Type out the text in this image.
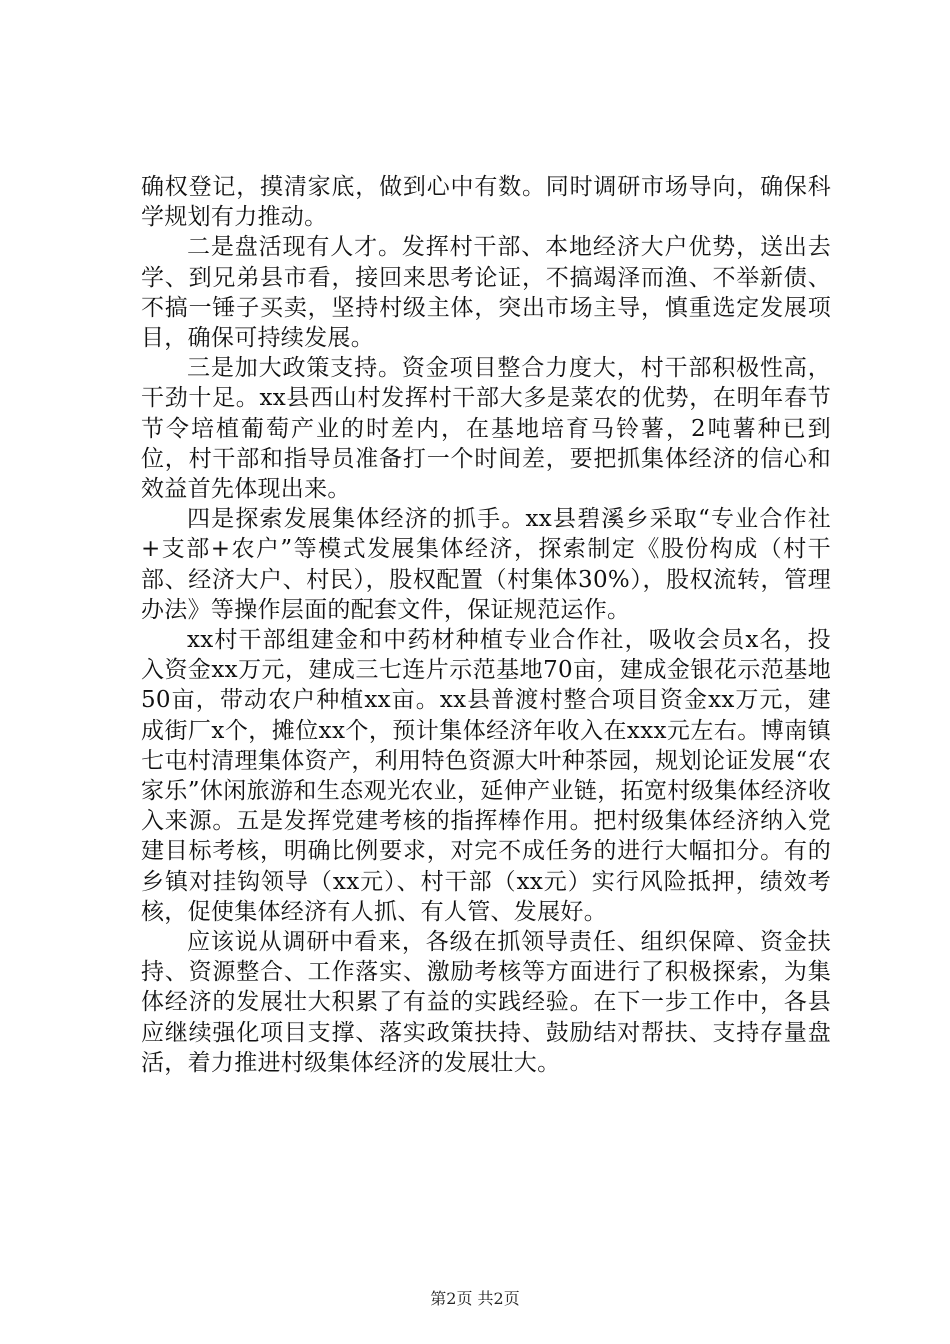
确权登记，摸清家底，做到心中有数。同时调研市场导向，确保科学规划有力推动。

二是盘活现有人才。发挥村干部、本地经济大户优势，送出去学、到兄弟县市看，接回来思考论证，不搞竭泽而渔、不举新债、不搞一锤子买卖，坚持村级主体，突出市场主导，慎重选定发展项目，确保可持续发展。

三是加大政策支持。资金项目整合力度大，村干部积极性高，干劲十足。xx县西山村发挥村干部大多是菜农的优势，在明年春节节令培植葡萄产业的时差内，在基地培育马铃薯，2吨薯种已到位，村干部和指导员准备打一个时间差，要把抓集体经济的信心和效益首先体现出来。

四是探索发展集体经济的抓手。xx县碧溪乡采取“专业合作社+支部+农户”等模式发展集体经济，探索制定《股份构成（村干部、经济大户、村民），股权配置（村集体30%），股权流转，管理办法》等操作层面的配套文件，保证规范运作。

xx村干部组建金和中药材种植专业合作社，吸收会员x名，投入资金xx万元，建成三七连片示范基地70亩，建成金银花示范基地50亩，带动农户种植xx亩。xx县普渡村整合项目资金xx万元，建成街厂x个，摊位xx个，预计集体经济年收入在xxx元左右。博南镇七屯村清理集体资产，利用特色资源大叶种茶园，规划论证发展“农家乐”休闲旅游和生态观光农业，延伸产业链，拓宽村级集体经济收入来源。五是发挥党建考核的指挥棒作用。把村级集体经济纳入党建目标考核，明确比例要求，对完不成任务的进行大幅扣分。有的乡镇对挂钩领导（xx元）、村干部（xx元）实行风险抵押，绩效考核，促使集体经济有人抓、有人管、发展好。

应该说从调研中看来，各级在抓领导责任、组织保障、资金扶持、资源整合、工作落实、激励考核等方面进行了积极探索，为集体经济的发展壮大积累了有益的实践经验。在下一步工作中，各县应继续强化项目支撑、落实政策扶持、鼓励结对帮扶、支持存量盘活，着力推进村级集体经济的发展壮大。

第2页 共2页
